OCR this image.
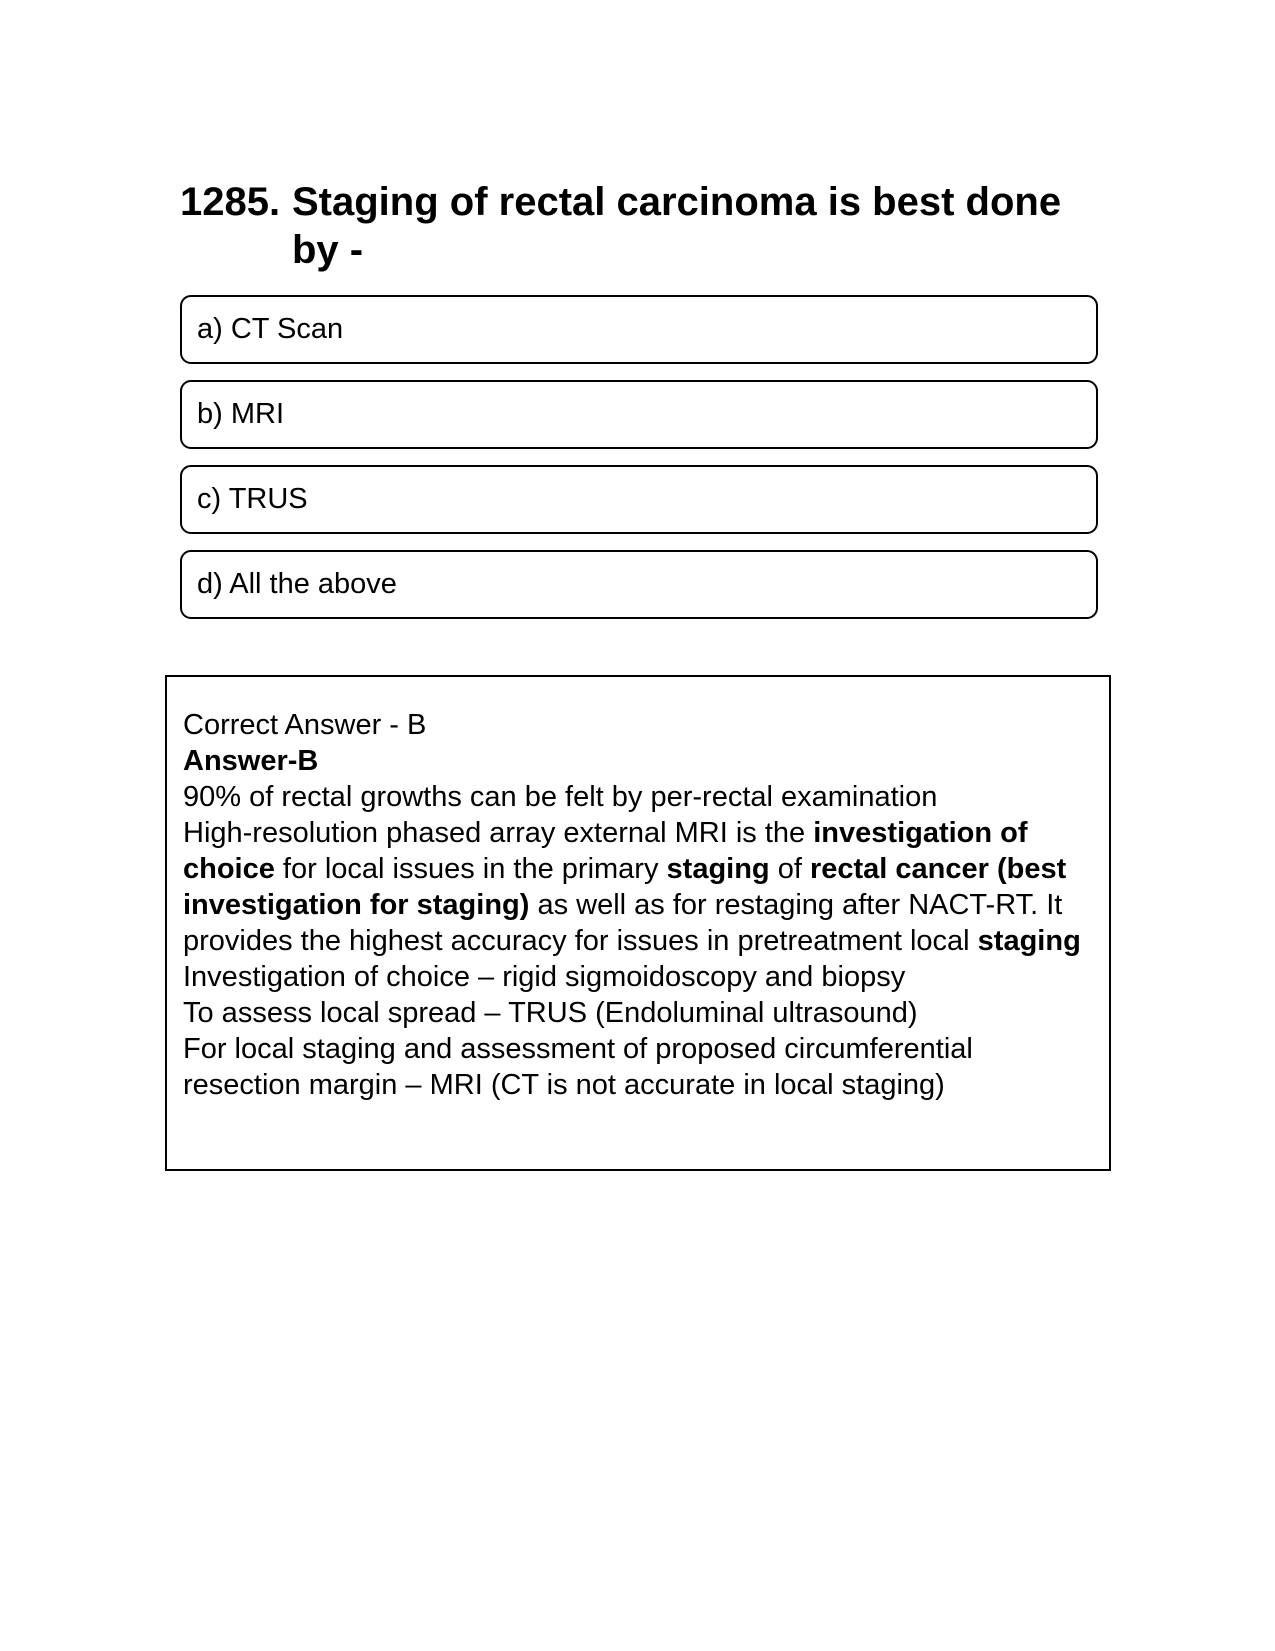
1285. Staging of rectal carcinoma is best done by -
a) CT Scan
b) MRI
c) TRUS
d) All the above

Correct Answer - B

Answer-B

90% of rectal growths can be felt by per-rectal examination

High-resolution phased array external MRI is the investigation of choice for local issues in the primary staging of rectal cancer (best investigation for staging) as well as for restaging after NACT-RT. It provides the highest accuracy for issues in pretreatment local staging

Investigation of choice – rigid sigmoidoscopy and biopsy

To assess local spread – TRUS (Endoluminal ultrasound)

For local staging and assessment of proposed circumferential resection margin – MRI (CT is not accurate in local staging)
